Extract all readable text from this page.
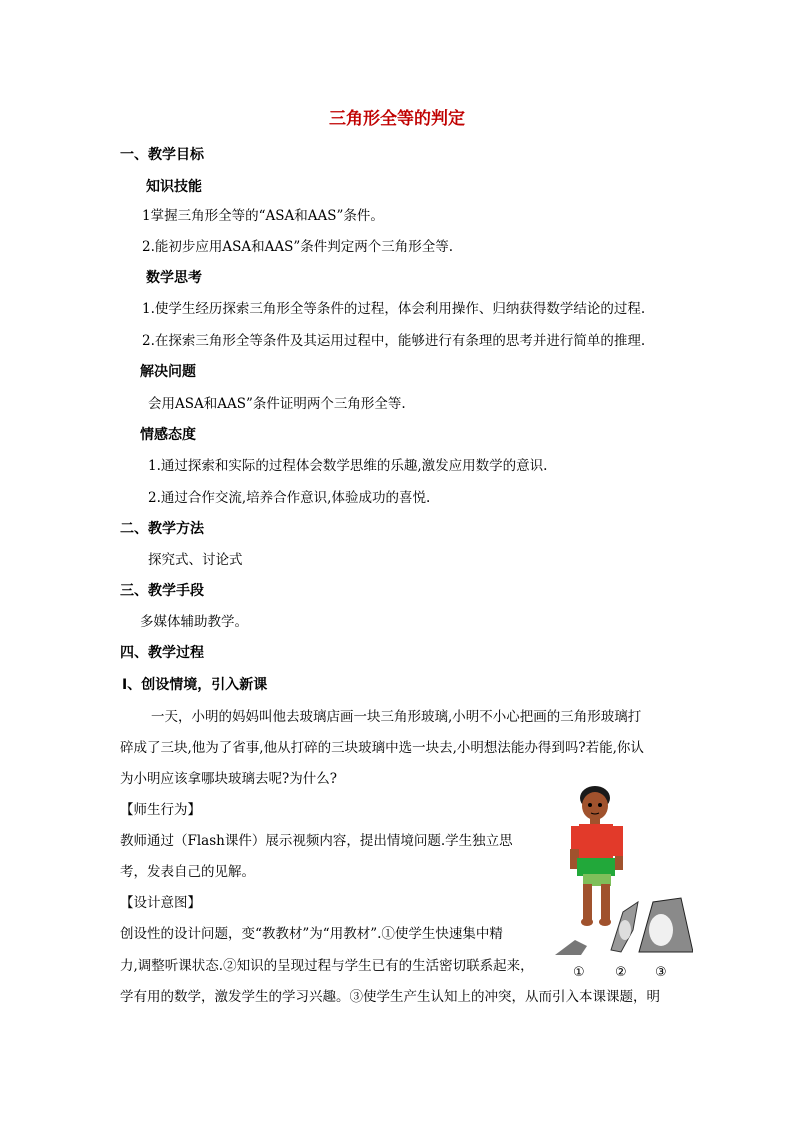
三角形全等的判定
一、教学目标
知识技能
1掌握三角形全等的“ASA和AAS”条件。
2.能初步应用ASA和AAS”条件判定两个三角形全等.
数学思考
1.使学生经历探索三角形全等条件的过程，体会利用操作、归纳获得数学结论的过程.
2.在探索三角形全等条件及其运用过程中，能够进行有条理的思考并进行简单的推理.
解决问题
会用ASA和AAS”条件证明两个三角形全等.
情感态度
1.通过探索和实际的过程体会数学思维的乐趣,激发应用数学的意识.
2.通过合作交流,培养合作意识,体验成功的喜悦.
二、教学方法
探究式、讨论式
三、教学手段
多媒体辅助教学。
四、教学过程
Ⅰ、创设情境，引入新课
一天，小明的妈妈叫他去玻璃店画一块三角形玻璃,小明不小心把画的三角形玻璃打
碎成了三块,他为了省事,他从打碎的三块玻璃中选一块去,小明想法能办得到吗?若能,你认
为小明应该拿哪块玻璃去呢?为什么?
【师生行为】
教师通过（Flash课件）展示视频内容，提出情境问题.学生独立思
考，发表自己的见解。
【设计意图】
创设性的设计问题，变“教教材”为“用教材”.①使学生快速集中精
力,调整听课状态.②知识的呈现过程与学生已有的生活密切联系起来，
学有用的数学，激发学生的学习兴趣。③使学生产生认知上的冲突，从而引入本课课题，明
① ② ③
